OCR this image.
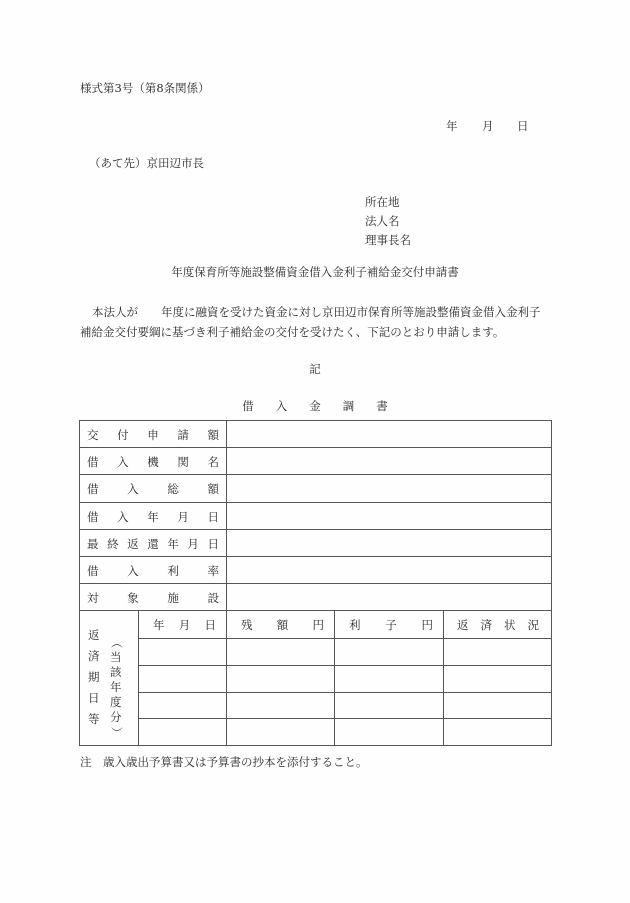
様式第3号（第8条関係）
年 月 日
（あて先）京田辺市長
所在地
法人名
理事長名
年度保育所等施設整備資金借入金利子補給金交付申請書
本法人が　　年度に融資を受けた資金に対し京田辺市保育所等施設整備資金借入金利子
補給金交付要綱に基づき利子補給金の交付を受けたく、下記のとおり申請します。
記
借 入 金 調 書
交 付 申 請 額
借 入 機 関 名
借 入 総 額
借 入 年 月 日
最 終 返 還 年 月 日
借 入 利 率
対 象 施 設
返
済
期
日
等
（
当
該
年
度
分
）
年 月 日 残 額 円 利 子 円 返 済 状 況
注　歳入歳出予算書又は予算書の抄本を添付すること。
